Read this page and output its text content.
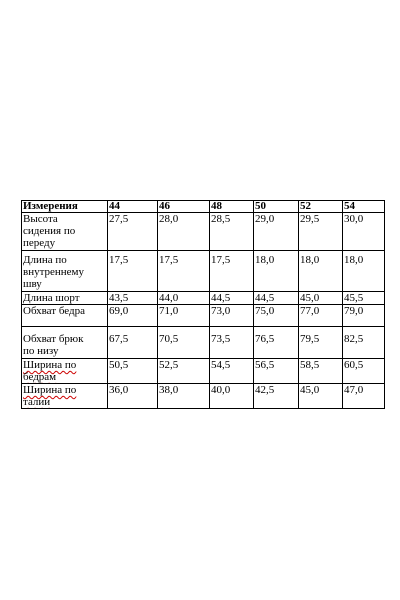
Измерения	44	46	48	50	52	54
Высота
сидения по
переду	27,5	28,0	28,5	29,0	29,5	30,0
Длина по
внутреннему
шву	17,5	17,5	17,5	18,0	18,0	18,0
Длина шорт	43,5	44,0	44,5	44,5	45,0	45,5
Обхват бедра	69,0	71,0	73,0	75,0	77,0	79,0
Обхват брюк
по низу	67,5	70,5	73,5	76,5	79,5	82,5
Ширина по
бедрам	50,5	52,5	54,5	56,5	58,5	60,5
Ширина по
талии	36,0	38,0	40,0	42,5	45,0	47,0
